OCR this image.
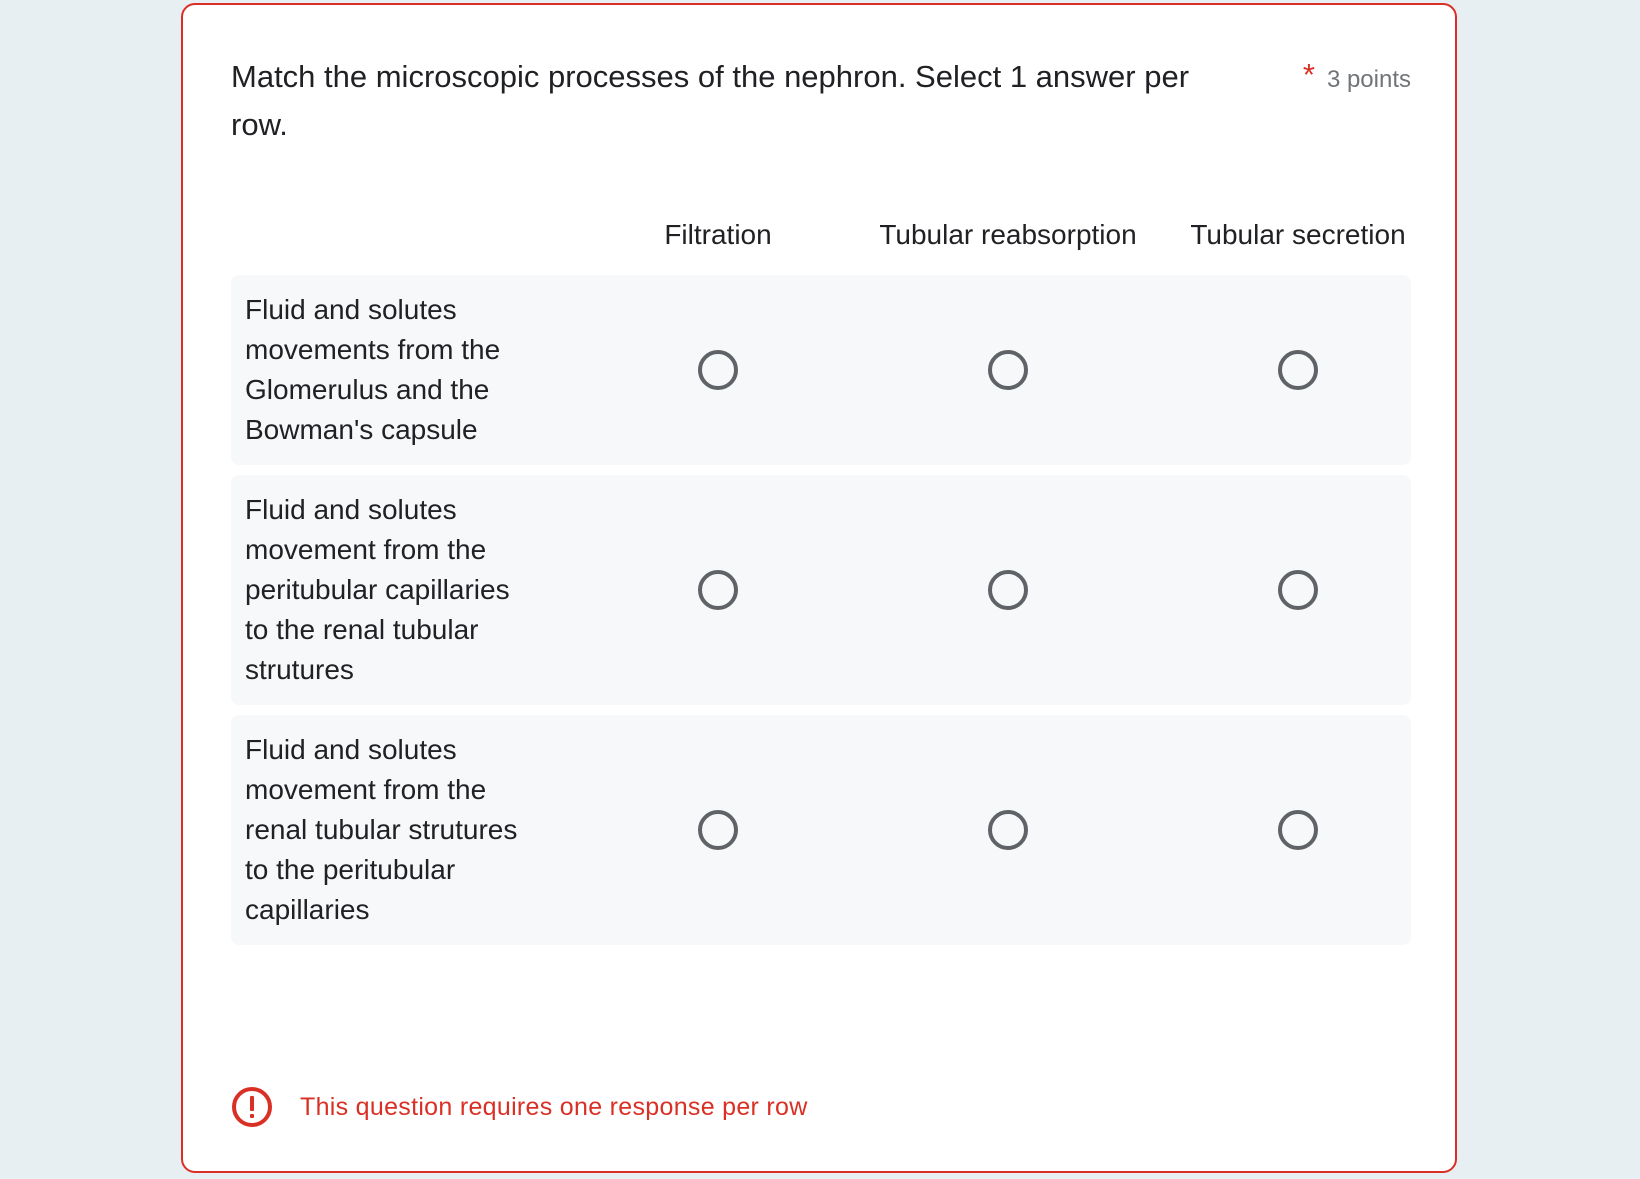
Match the microscopic processes of the nephron. Select 1 answer per row.
* 3 points
Filtration	Tubular reabsorption	Tubular secretion
Fluid and solutes movements from the Glomerulus and the Bowman's capsule
Fluid and solutes movement from the peritubular capillaries to the renal tubular strutures
Fluid and solutes movement from the renal tubular strutures to the peritubular capillaries
This question requires one response per row
